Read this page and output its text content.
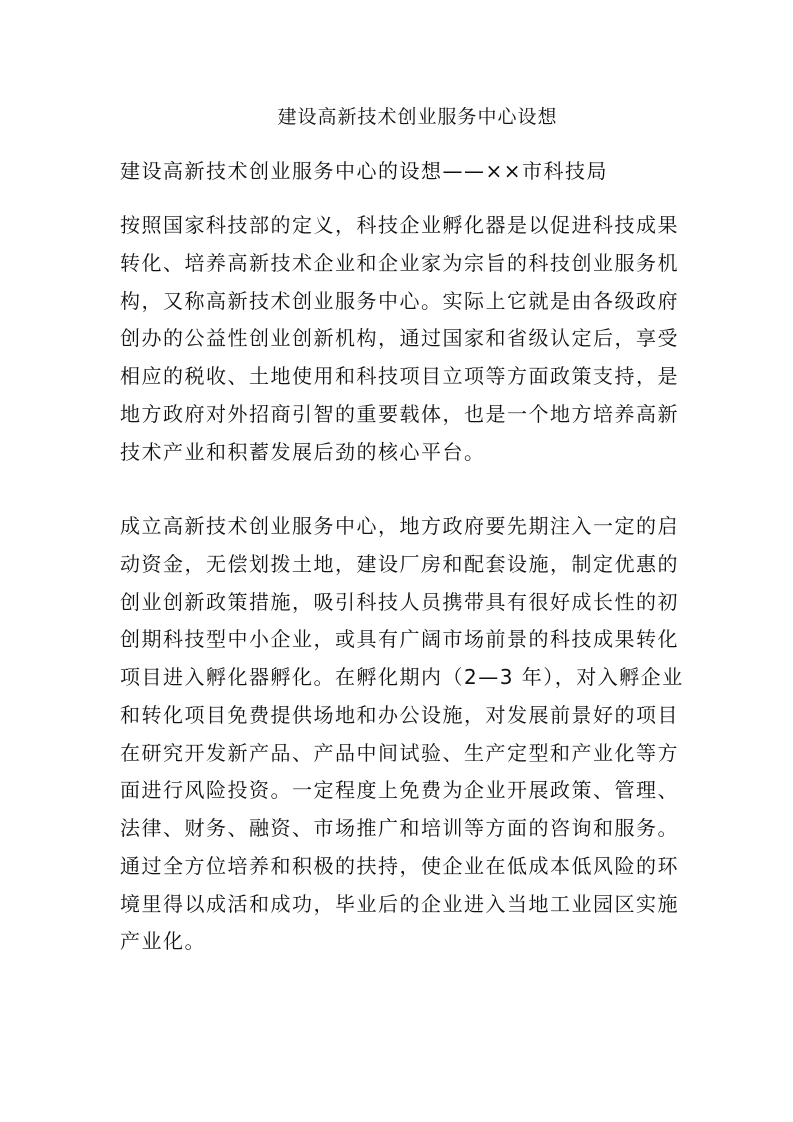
建设高新技术创业服务中心设想
建设高新技术创业服务中心的设想——××市科技局
按照国家科技部的定义，科技企业孵化器是以促进科技成果
转化、培养高新技术企业和企业家为宗旨的科技创业服务机
构，又称高新技术创业服务中心。实际上它就是由各级政府
创办的公益性创业创新机构，通过国家和省级认定后，享受
相应的税收、土地使用和科技项目立项等方面政策支持，是
地方政府对外招商引智的重要载体，也是一个地方培养高新
技术产业和积蓄发展后劲的核心平台。
成立高新技术创业服务中心，地方政府要先期注入一定的启
动资金，无偿划拨土地，建设厂房和配套设施，制定优惠的
创业创新政策措施，吸引科技人员携带具有很好成长性的初
创期科技型中小企业，或具有广阔市场前景的科技成果转化
项目进入孵化器孵化。在孵化期内（2—3 年），对入孵企业
和转化项目免费提供场地和办公设施，对发展前景好的项目
在研究开发新产品、产品中间试验、生产定型和产业化等方
面进行风险投资。一定程度上免费为企业开展政策、管理、
法律、财务、融资、市场推广和培训等方面的咨询和服务。
通过全方位培养和积极的扶持，使企业在低成本低风险的环
境里得以成活和成功，毕业后的企业进入当地工业园区实施
产业化。
